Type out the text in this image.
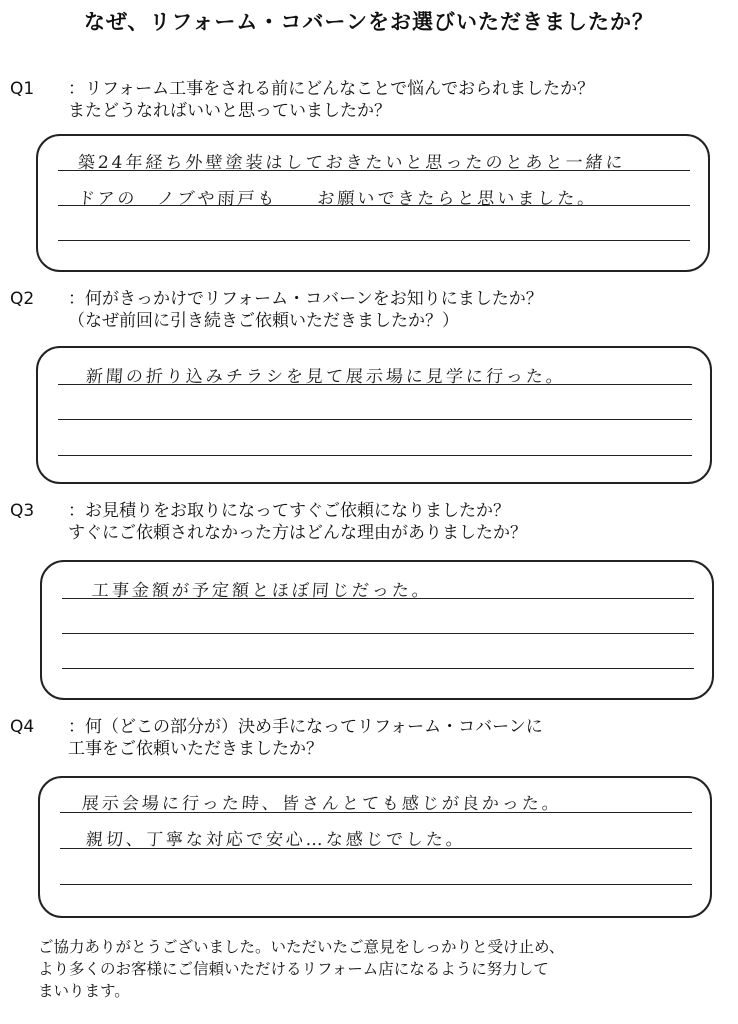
なぜ、リフォーム・コバーンをお選びいただきましたか？
Q1 ：リフォーム工事をされる前にどんなことで悩んでおられましたか？
またどうなればいいと思っていましたか？
築24年経ち外壁塗装はしておきたいと思ったのとあと一緒に
ドアの　ノブや雨戸も　　お願いできたらと思いました。
Q2 ：何がきっかけでリフォーム・コバーンをお知りにましたか？
（なぜ前回に引き続きご依頼いただきましたか？）
新聞の折り込みチラシを見て展示場に見学に行った。
Q3 ：お見積りをお取りになってすぐご依頼になりましたか？
すぐにご依頼されなかった方はどんな理由がありましたか？
工事金額が予定額とほぼ同じだった。
Q4 ：何（どこの部分が）決め手になってリフォーム・コバーンに
工事をご依頼いただきましたか？
展示会場に行った時、皆さんとても感じが良かった。
親切、丁寧な対応で安心…な感じでした。
ご協力ありがとうございました。いただいたご意見をしっかりと受け止め、
より多くのお客様にご信頼いただけるリフォーム店になるように努力して
まいります。
